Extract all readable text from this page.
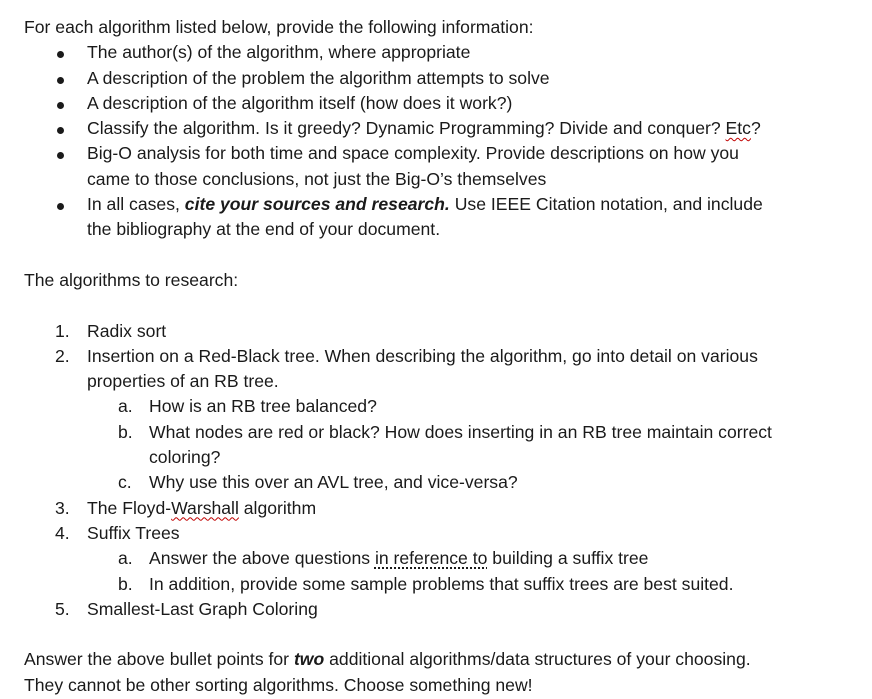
For each algorithm listed below, provide the following information:
The author(s) of the algorithm, where appropriate
A description of the problem the algorithm attempts to solve
A description of the algorithm itself (how does it work?)
Classify the algorithm. Is it greedy? Dynamic Programming? Divide and conquer? Etc?
Big-O analysis for both time and space complexity. Provide descriptions on how you
came to those conclusions, not just the Big-O’s themselves
In all cases, cite your sources and research. Use IEEE Citation notation, and include
the bibliography at the end of your document.
The algorithms to research:
1. Radix sort
2. Insertion on a Red-Black tree. When describing the algorithm, go into detail on various
properties of an RB tree.
a. How is an RB tree balanced?
b. What nodes are red or black? How does inserting in an RB tree maintain correct
coloring?
c. Why use this over an AVL tree, and vice-versa?
3. The Floyd-Warshall algorithm
4. Suffix Trees
a. Answer the above questions in reference to building a suffix tree
b. In addition, provide some sample problems that suffix trees are best suited.
5. Smallest-Last Graph Coloring
Answer the above bullet points for two additional algorithms/data structures of your choosing.
They cannot be other sorting algorithms. Choose something new!
